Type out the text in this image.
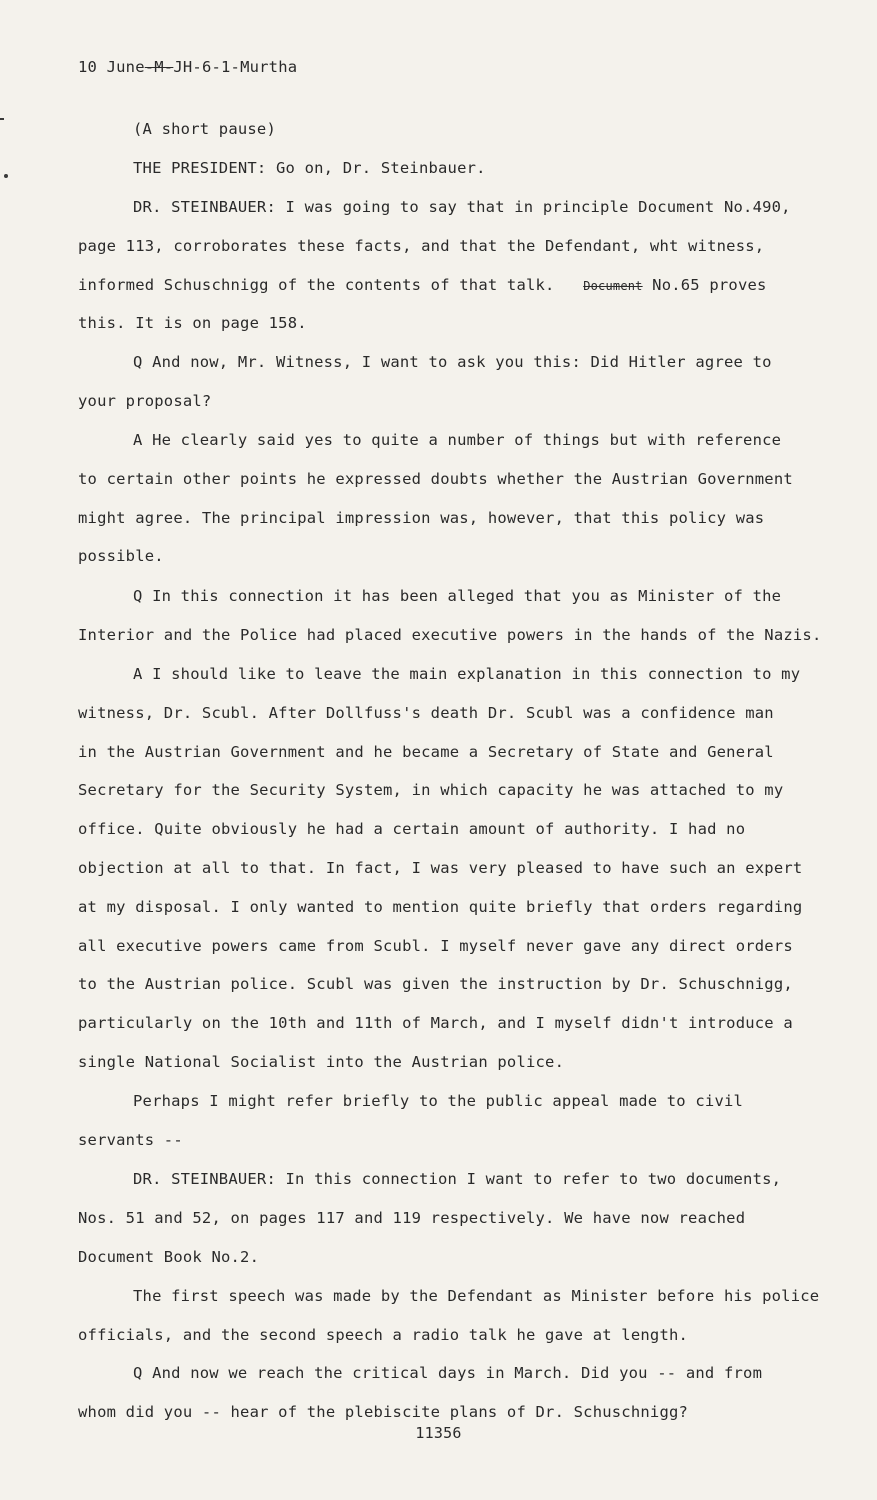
10 June-M-JH-6-1-Murtha
(A short pause)
THE PRESIDENT: Go on, Dr. Steinbauer.
DR. STEINBAUER: I was going to say that in principle Document No.490,
page 113, corroborates these facts, and that the Defendant, wht witness,
informed Schuschnigg of the contents of that talk. Document No.65 proves
this. It is on page 158.
Q And now, Mr. Witness, I want to ask you this: Did Hitler agree to
your proposal?
A He clearly said yes to quite a number of things but with reference
to certain other points he expressed doubts whether the Austrian Government
might agree. The principal impression was, however, that this policy was
possible.
Q In this connection it has been alleged that you as Minister of the
Interior and the Police had placed executive powers in the hands of the Nazis.
A I should like to leave the main explanation in this connection to my
witness, Dr. Scubl. After Dollfuss's death Dr. Scubl was a confidence man
in the Austrian Government and he became a Secretary of State and General
Secretary for the Security System, in which capacity he was attached to my
office. Quite obviously he had a certain amount of authority. I had no
objection at all to that. In fact, I was very pleased to have such an expert
at my disposal. I only wanted to mention quite briefly that orders regarding
all executive powers came from Scubl. I myself never gave any direct orders
to the Austrian police. Scubl was given the instruction by Dr. Schuschnigg,
particularly on the 10th and 11th of March, and I myself didn't introduce a
single National Socialist into the Austrian police.
Perhaps I might refer briefly to the public appeal made to civil
servants --
DR. STEINBAUER: In this connection I want to refer to two documents,
Nos. 51 and 52, on pages 117 and 119 respectively. We have now reached
Document Book No.2.
The first speech was made by the Defendant as Minister before his police
officials, and the second speech a radio talk he gave at length.
Q And now we reach the critical days in March. Did you -- and from
whom did you -- hear of the plebiscite plans of Dr. Schuschnigg?
11356
